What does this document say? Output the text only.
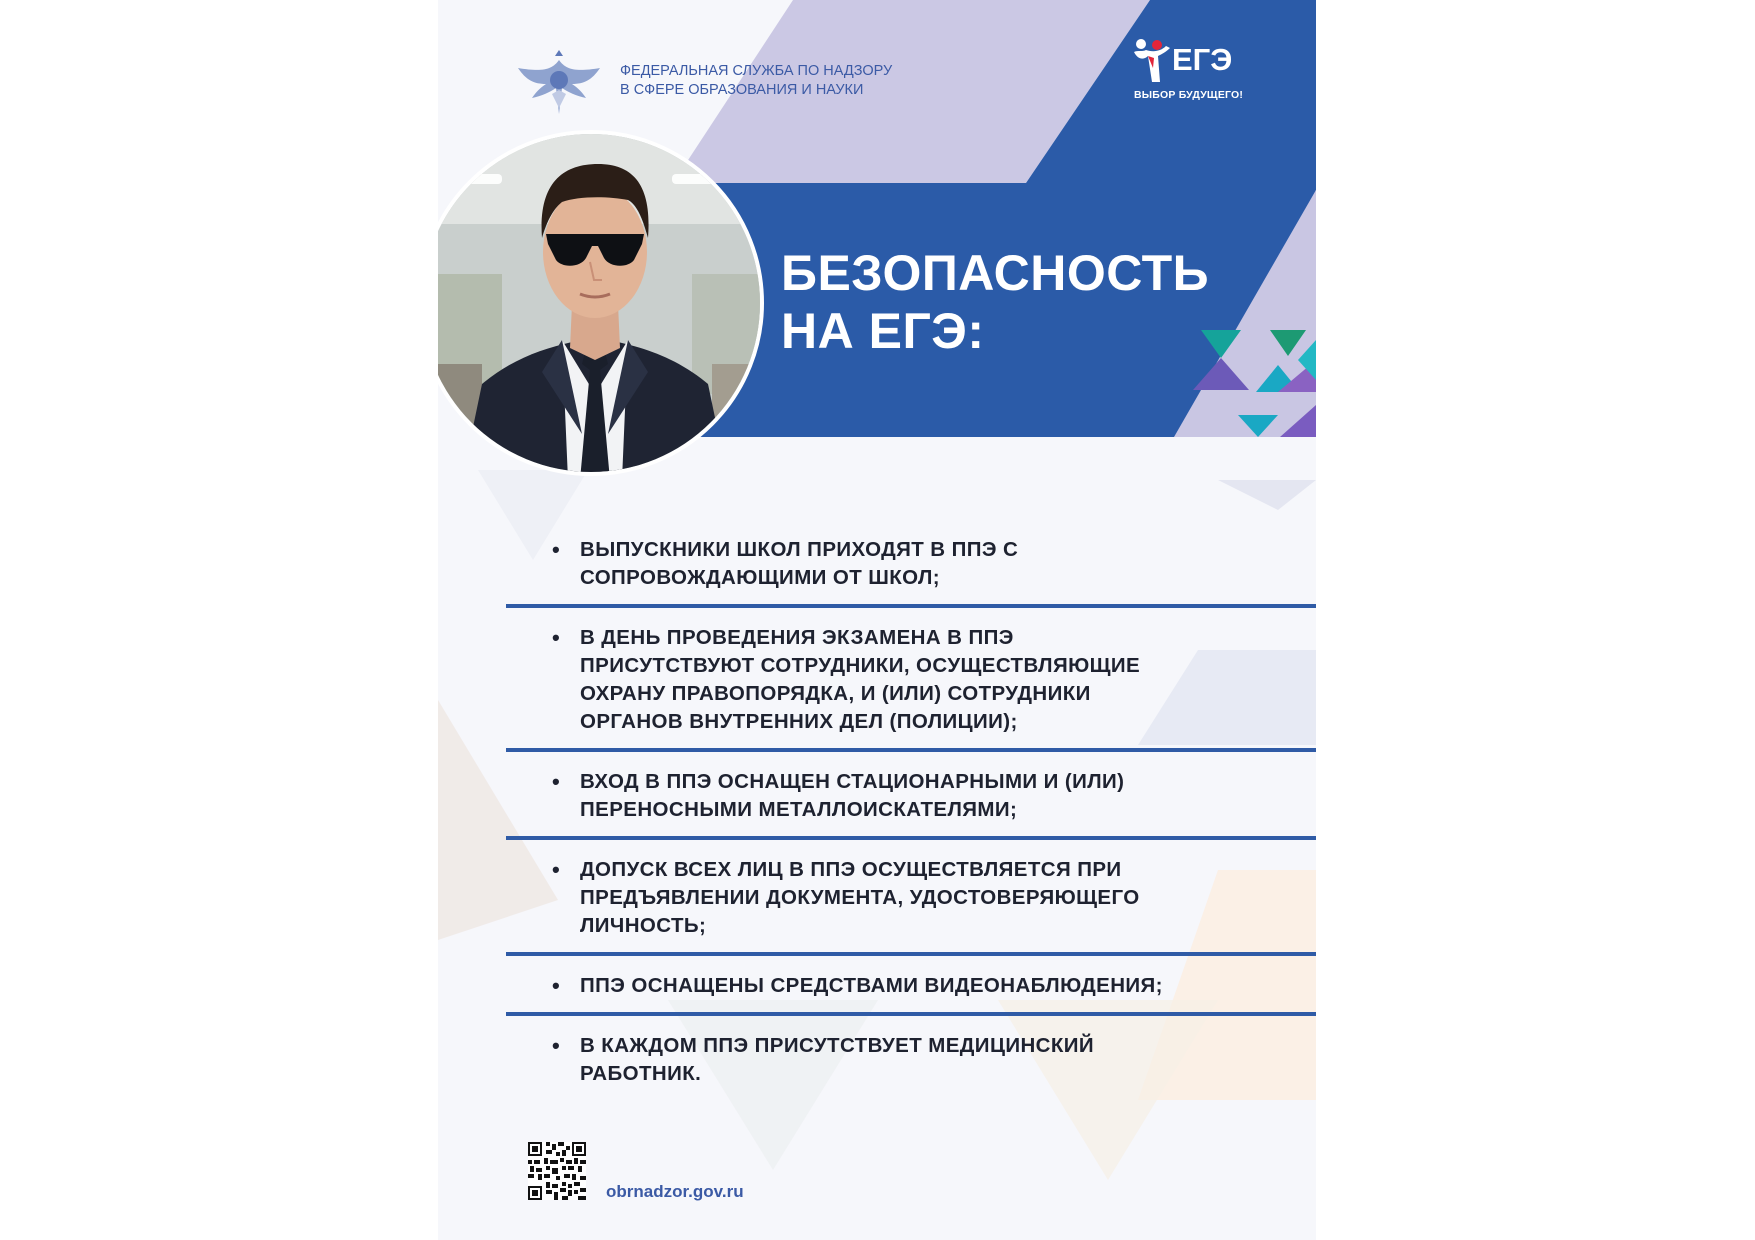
ФЕДЕРАЛЬНАЯ СЛУЖБА ПО НАДЗОРУ
В СФЕРЕ ОБРАЗОВАНИЯ И НАУКИ
ЕГЭ
ВЫБОР БУДУЩЕГО!
БЕЗОПАСНОСТЬ
НА ЕГЭ:
• ВЫПУСКНИКИ ШКОЛ ПРИХОДЯТ В ППЭ С
СОПРОВОЖДАЮЩИМИ ОТ ШКОЛ;
• В ДЕНЬ ПРОВЕДЕНИЯ ЭКЗАМЕНА В ППЭ
ПРИСУТСТВУЮТ СОТРУДНИКИ, ОСУЩЕСТВЛЯЮЩИЕ
ОХРАНУ ПРАВОПОРЯДКА, И (ИЛИ) СОТРУДНИКИ
ОРГАНОВ ВНУТРЕННИХ ДЕЛ (ПОЛИЦИИ);
• ВХОД В ППЭ ОСНАЩЕН СТАЦИОНАРНЫМИ И (ИЛИ)
ПЕРЕНОСНЫМИ МЕТАЛЛОИСКАТЕЛЯМИ;
• ДОПУСК ВСЕХ ЛИЦ В ППЭ ОСУЩЕСТВЛЯЕТСЯ ПРИ
ПРЕДЪЯВЛЕНИИ ДОКУМЕНТА, УДОСТОВЕРЯЮЩЕГО
ЛИЧНОСТЬ;
• ППЭ ОСНАЩЕНЫ СРЕДСТВАМИ ВИДЕОНАБЛЮДЕНИЯ;
• В КАЖДОМ ППЭ ПРИСУТСТВУЕТ МЕДИЦИНСКИЙ
РАБОТНИК.
obrnadzor.gov.ru
